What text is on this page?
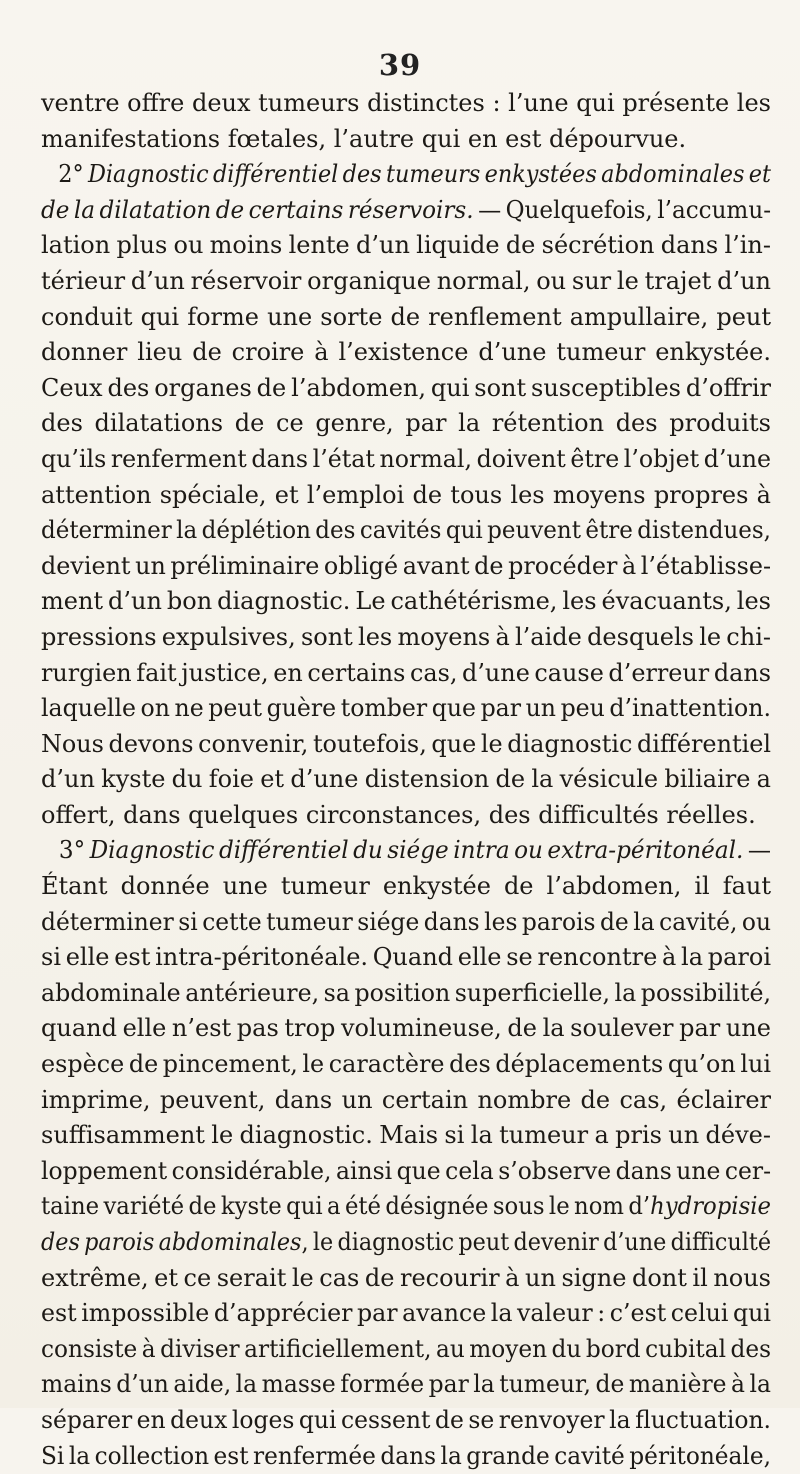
39
ventre offre deux tumeurs distinctes : l’une qui présente les
manifestations fœtales, l’autre qui en est dépourvue.
2° Diagnostic différentiel des tumeurs enkystées abdominales et
de la dilatation de certains réservoirs. — Quelquefois, l’accumu-
lation plus ou moins lente d’un liquide de sécrétion dans l’in-
térieur d’un réservoir organique normal, ou sur le trajet d’un
conduit qui forme une sorte de renflement ampullaire, peut
donner lieu de croire à l’existence d’une tumeur enkystée.
Ceux des organes de l’abdomen, qui sont susceptibles d’offrir
des dilatations de ce genre, par la rétention des produits
qu’ils renferment dans l’état normal, doivent être l’objet d’une
attention spéciale, et l’emploi de tous les moyens propres à
déterminer la déplétion des cavités qui peuvent être distendues,
devient un préliminaire obligé avant de procéder à l’établisse-
ment d’un bon diagnostic. Le cathétérisme, les évacuants, les
pressions expulsives, sont les moyens à l’aide desquels le chi-
rurgien fait justice, en certains cas, d’une cause d’erreur dans
laquelle on ne peut guère tomber que par un peu d’inattention.
Nous devons convenir, toutefois, que le diagnostic différentiel
d’un kyste du foie et d’une distension de la vésicule biliaire a
offert, dans quelques circonstances, des difficultés réelles.
3° Diagnostic différentiel du siége intra ou extra-péritonéal. —
Étant donnée une tumeur enkystée de l’abdomen, il faut
déterminer si cette tumeur siége dans les parois de la cavité, ou
si elle est intra-péritonéale. Quand elle se rencontre à la paroi
abdominale antérieure, sa position superficielle, la possibilité,
quand elle n’est pas trop volumineuse, de la soulever par une
espèce de pincement, le caractère des déplacements qu’on lui
imprime, peuvent, dans un certain nombre de cas, éclairer
suffisamment le diagnostic. Mais si la tumeur a pris un déve-
loppement considérable, ainsi que cela s’observe dans une cer-
taine variété de kyste qui a été désignée sous le nom d’hydropisie
des parois abdominales, le diagnostic peut devenir d’une difficulté
extrême, et ce serait le cas de recourir à un signe dont il nous
est impossible d’apprécier par avance la valeur : c’est celui qui
consiste à diviser artificiellement, au moyen du bord cubital des
mains d’un aide, la masse formée par la tumeur, de manière à la
séparer en deux loges qui cessent de se renvoyer la fluctuation.
Si la collection est renfermée dans la grande cavité péritonéale,
